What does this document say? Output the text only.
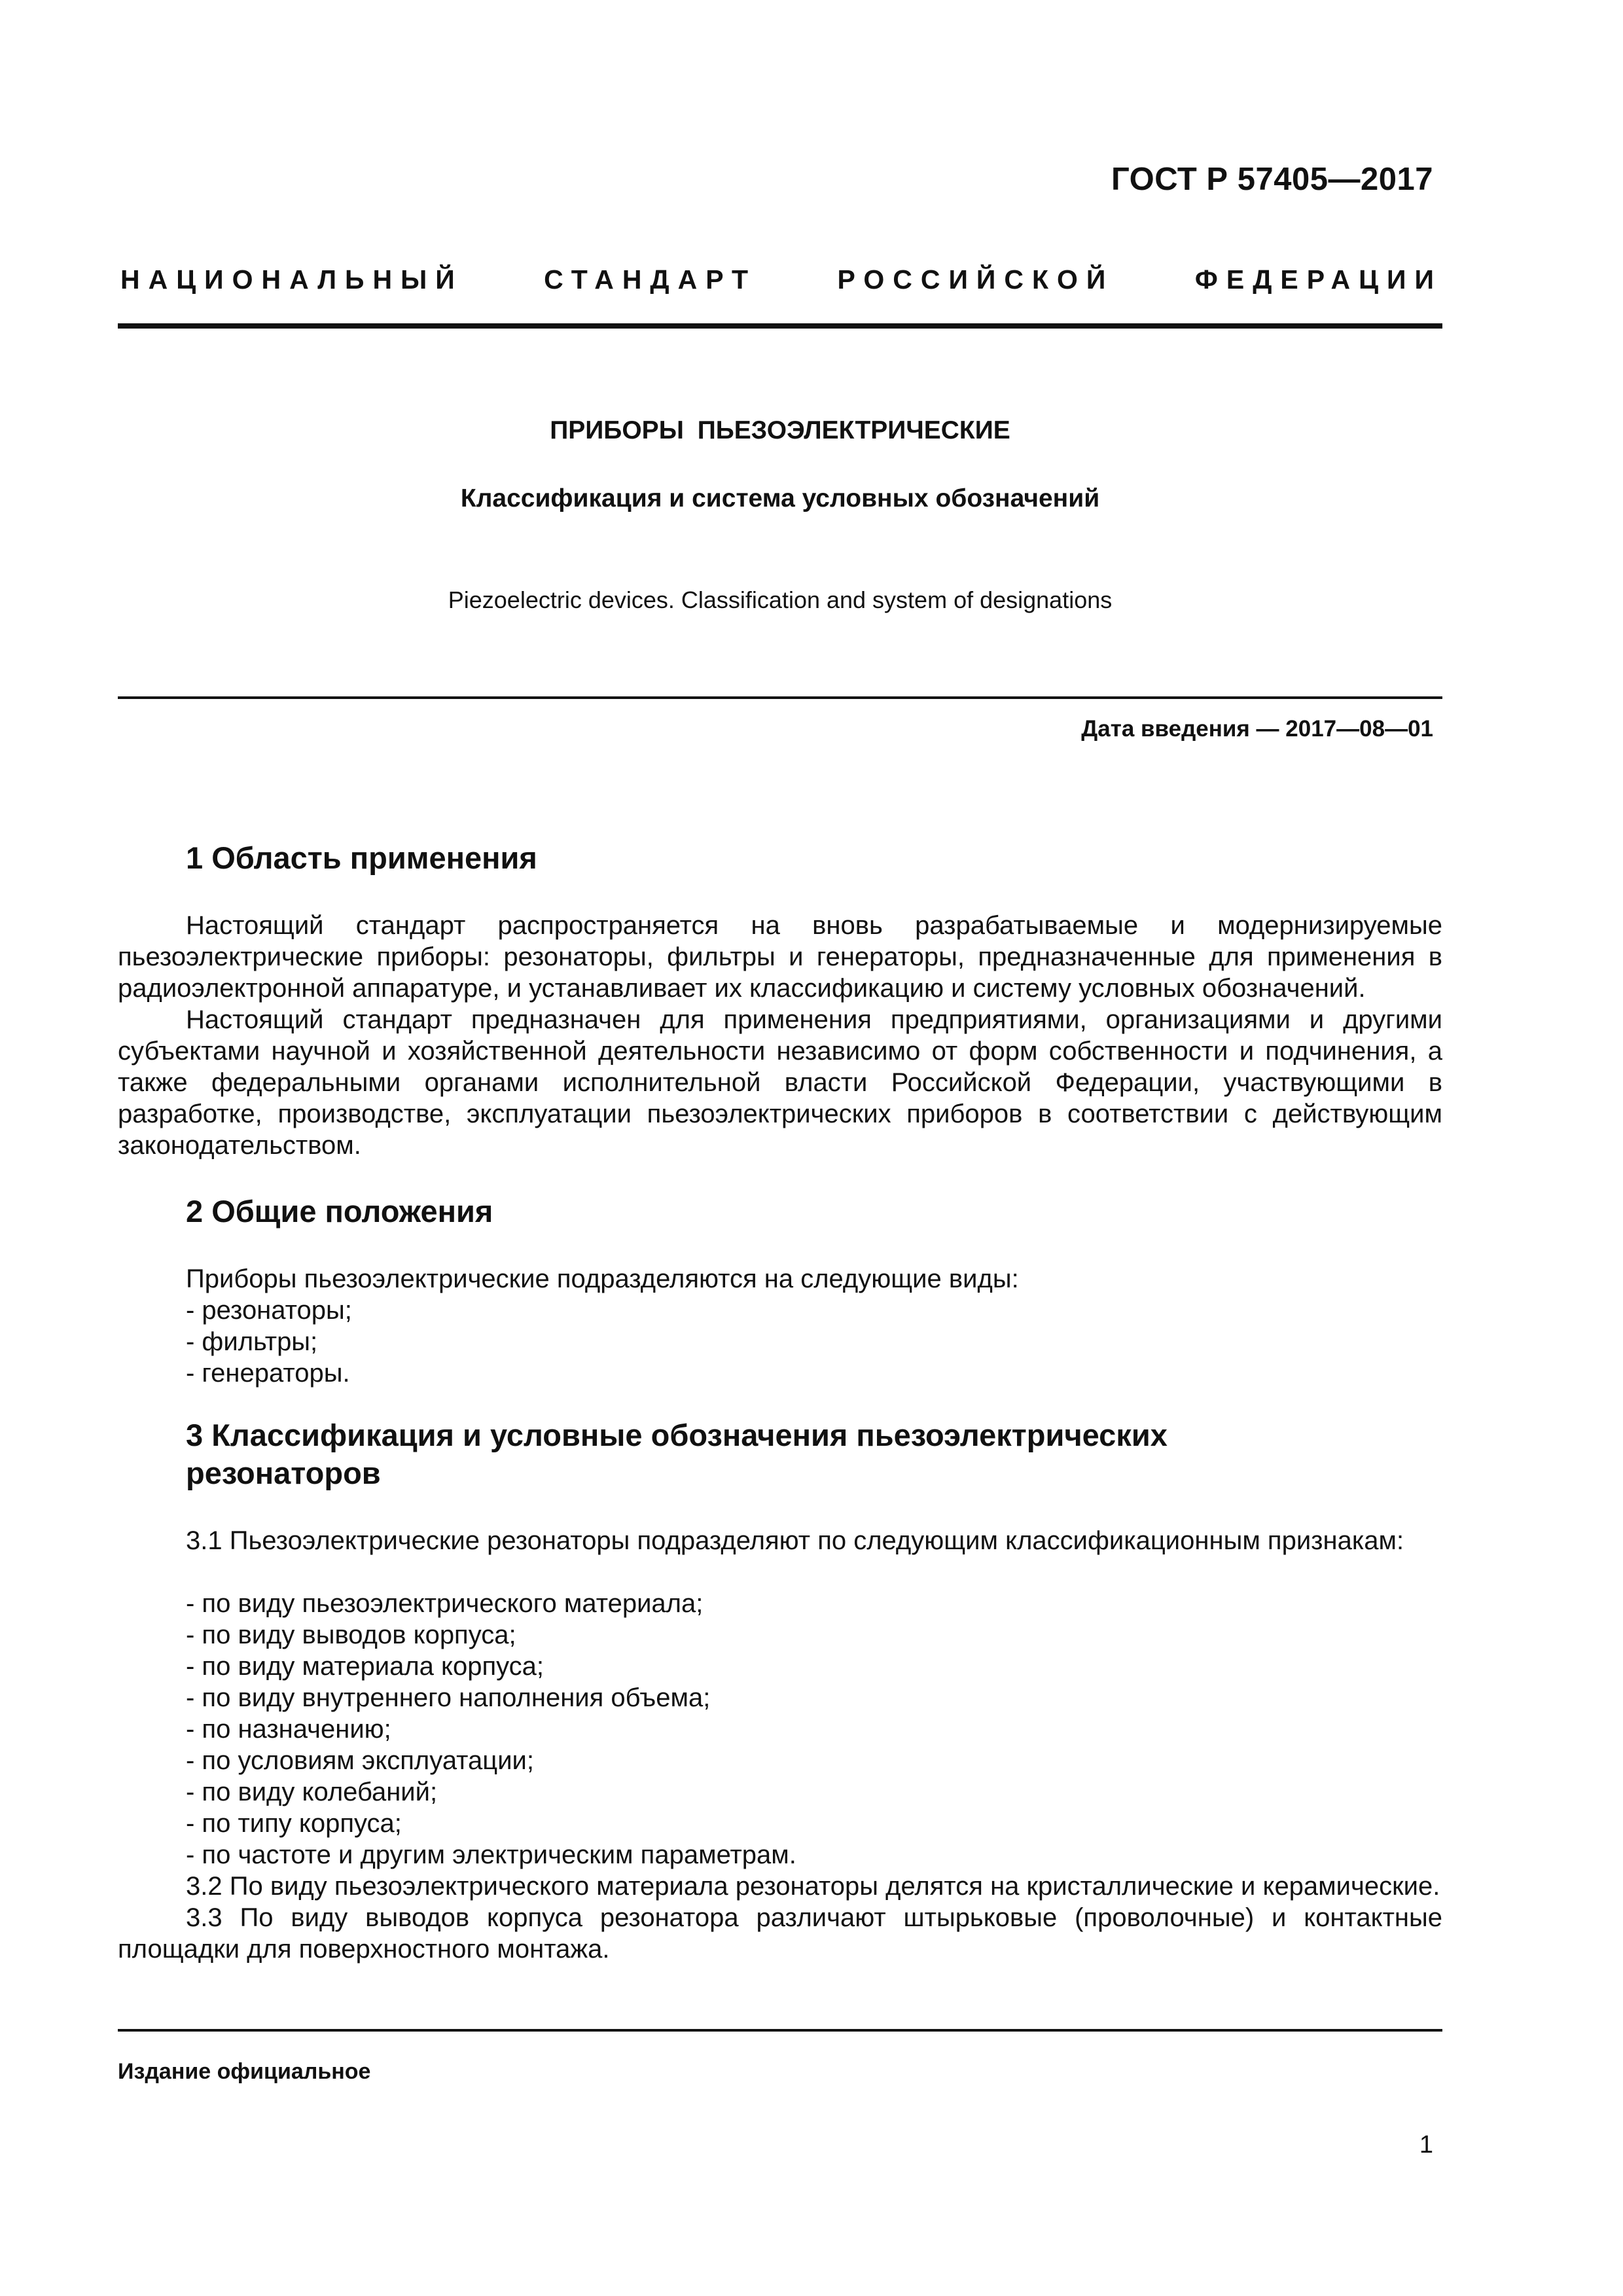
ГОСТ Р 57405—2017
НАЦИОНАЛЬНЫЙ СТАНДАРТ РОССИЙСКОЙ ФЕДЕРАЦИИ
ПРИБОРЫ ПЬЕЗОЭЛЕКТРИЧЕСКИЕ
Классификация и система условных обозначений
Piezoelectric devices. Classification and system of designations
Дата введения — 2017—08—01
1 Область применения

Настоящий стандарт распространяется на вновь разрабатываемые и модернизируемые пьезоэлектрические приборы: резонаторы, фильтры и генераторы, предназначенные для применения в радиоэлектронной аппаратуре, и устанавливает их классификацию и систему условных обозначений.

Настоящий стандарт предназначен для применения предприятиями, организациями и другими субъектами научной и хозяйственной деятельности независимо от форм собственности и подчинения, а также федеральными органами исполнительной власти Российской Федерации, участвующими в разработке, производстве, эксплуатации пьезоэлектрических приборов в соответствии с действующим законодательством.

2 Общие положения
Приборы пьезоэлектрические подразделяются на следующие виды:
- резонаторы;
- фильтры;
- генераторы.
3 Классификация и условные обозначения пьезоэлектрических
резонаторов

3.1 Пьезоэлектрические резонаторы подразделяют по следующим классификационным признакам:

- по виду пьезоэлектрического материала;
- по виду выводов корпуса;
- по виду материала корпуса;
- по виду внутреннего наполнения объема;
- по назначению;
- по условиям эксплуатации;
- по виду колебаний;
- по типу корпуса;
- по частоте и другим электрическим параметрам.

3.2 По виду пьезоэлектрического материала резонаторы делятся на кристаллические и керамические.

3.3 По виду выводов корпуса резонатора различают штырьковые (проволочные) и контактные площадки для поверхностного монтажа.

Издание официальное
1
